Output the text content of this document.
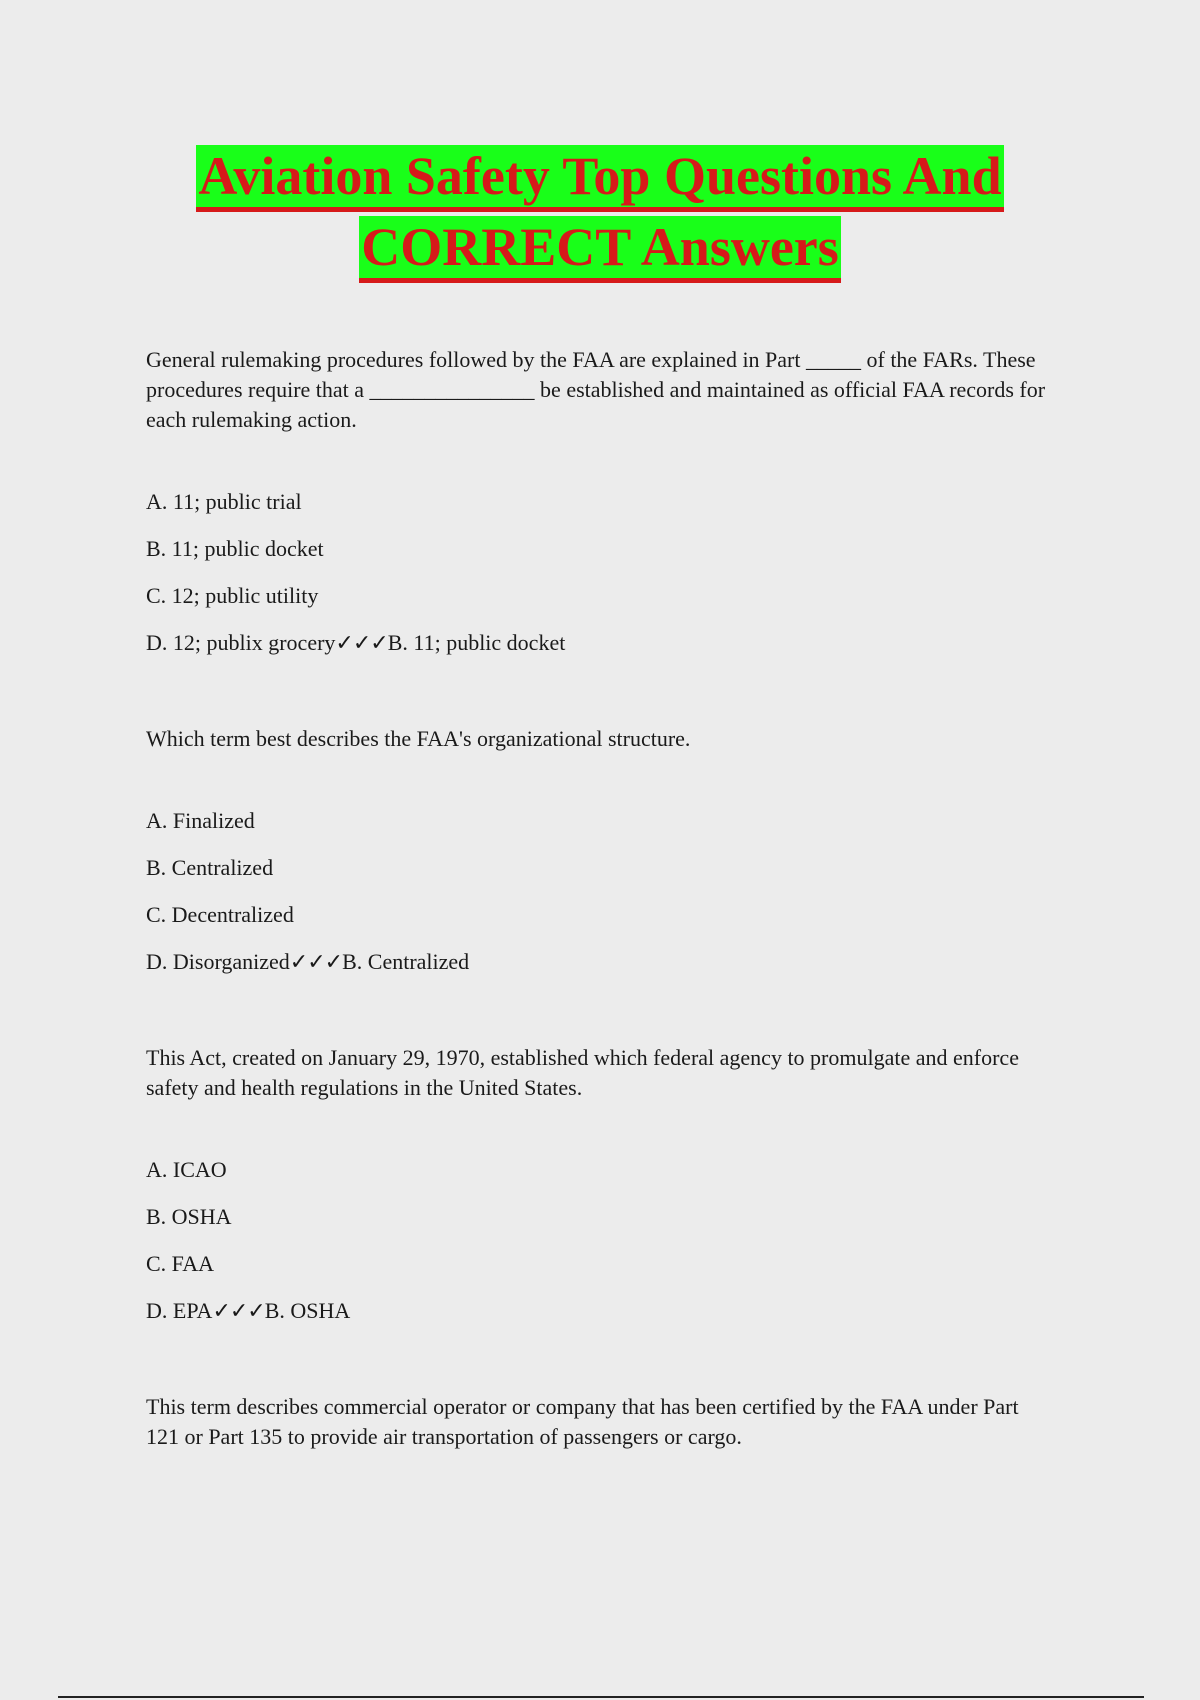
Aviation Safety Top Questions And
CORRECT Answers

General rulemaking procedures followed by the FAA are explained in Part _____ of the FARs. These procedures require that a _______________ be established and maintained as official FAA records for each rulemaking action.

A. 11; public trial
B. 11; public docket
C. 12; public utility
D. 12; publix grocery✓✓✓B. 11; public docket

Which term best describes the FAA's organizational structure.

A. Finalized
B. Centralized
C. Decentralized
D. Disorganized✓✓✓B. Centralized

This Act, created on January 29, 1970, established which federal agency to promulgate and enforce safety and health regulations in the United States.

A. ICAO
B. OSHA
C. FAA
D. EPA✓✓✓B. OSHA

This term describes commercial operator or company that has been certified by the FAA under Part 121 or Part 135 to provide air transportation of passengers or cargo.
